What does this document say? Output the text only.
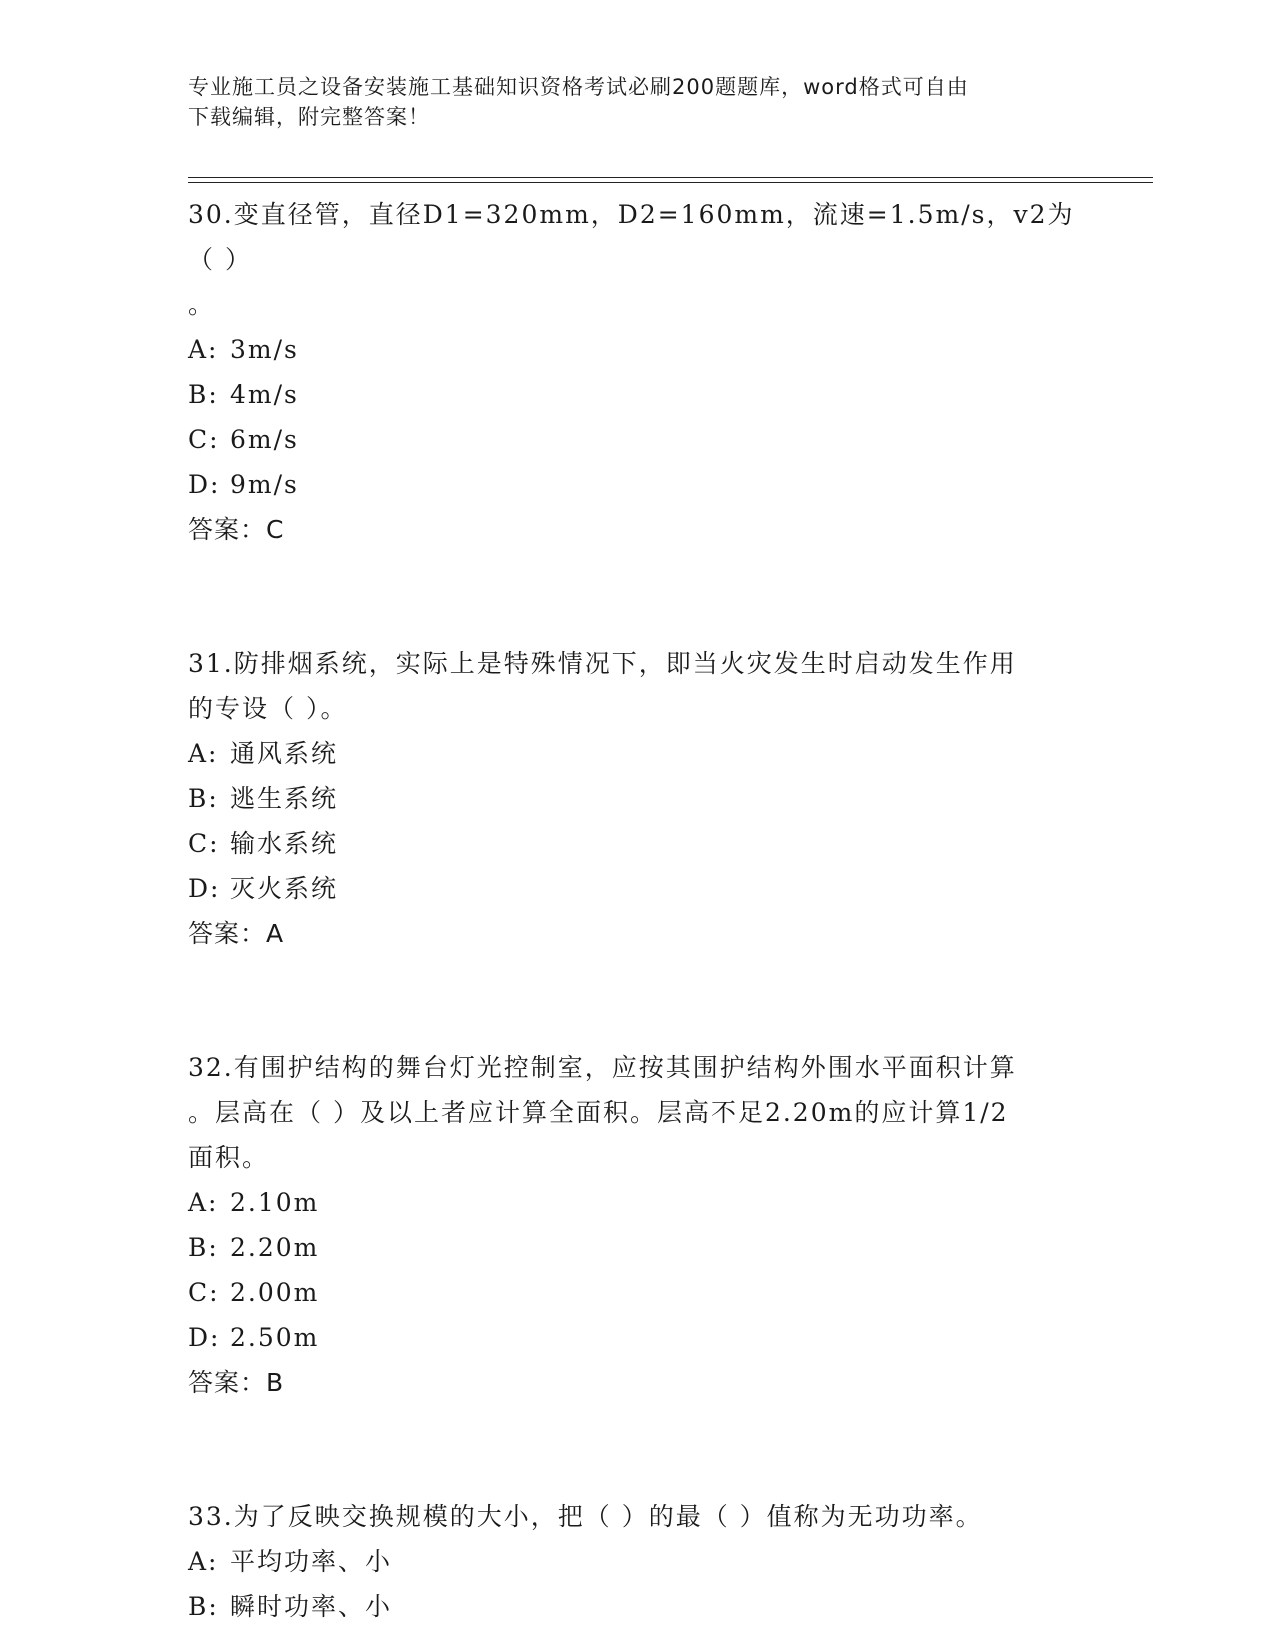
专业施工员之设备安装施工基础知识资格考试必刷200题题库，word格式可自由
下载编辑，附完整答案！
30.变直径管，直径D1=320mm，D2=160mm，流速=1.5m/s，v2为（ ）
。
A: 3m/s
B: 4m/s
C: 6m/s
D: 9m/s
答案：C
31.防排烟系统，实际上是特殊情况下，即当火灾发生时启动发生作用
的专设（ ）。
A: 通风系统
B: 逃生系统
C: 输水系统
D: 灭火系统
答案：A
32.有围护结构的舞台灯光控制室，应按其围护结构外围水平面积计算
。层高在（ ）及以上者应计算全面积。层高不足2.20m的应计算1/2
面积。
A: 2.10m
B: 2.20m
C: 2.00m
D: 2.50m
答案：B
33.为了反映交换规模的大小，把（ ）的最（ ）值称为无功功率。
A: 平均功率、小
B: 瞬时功率、小
